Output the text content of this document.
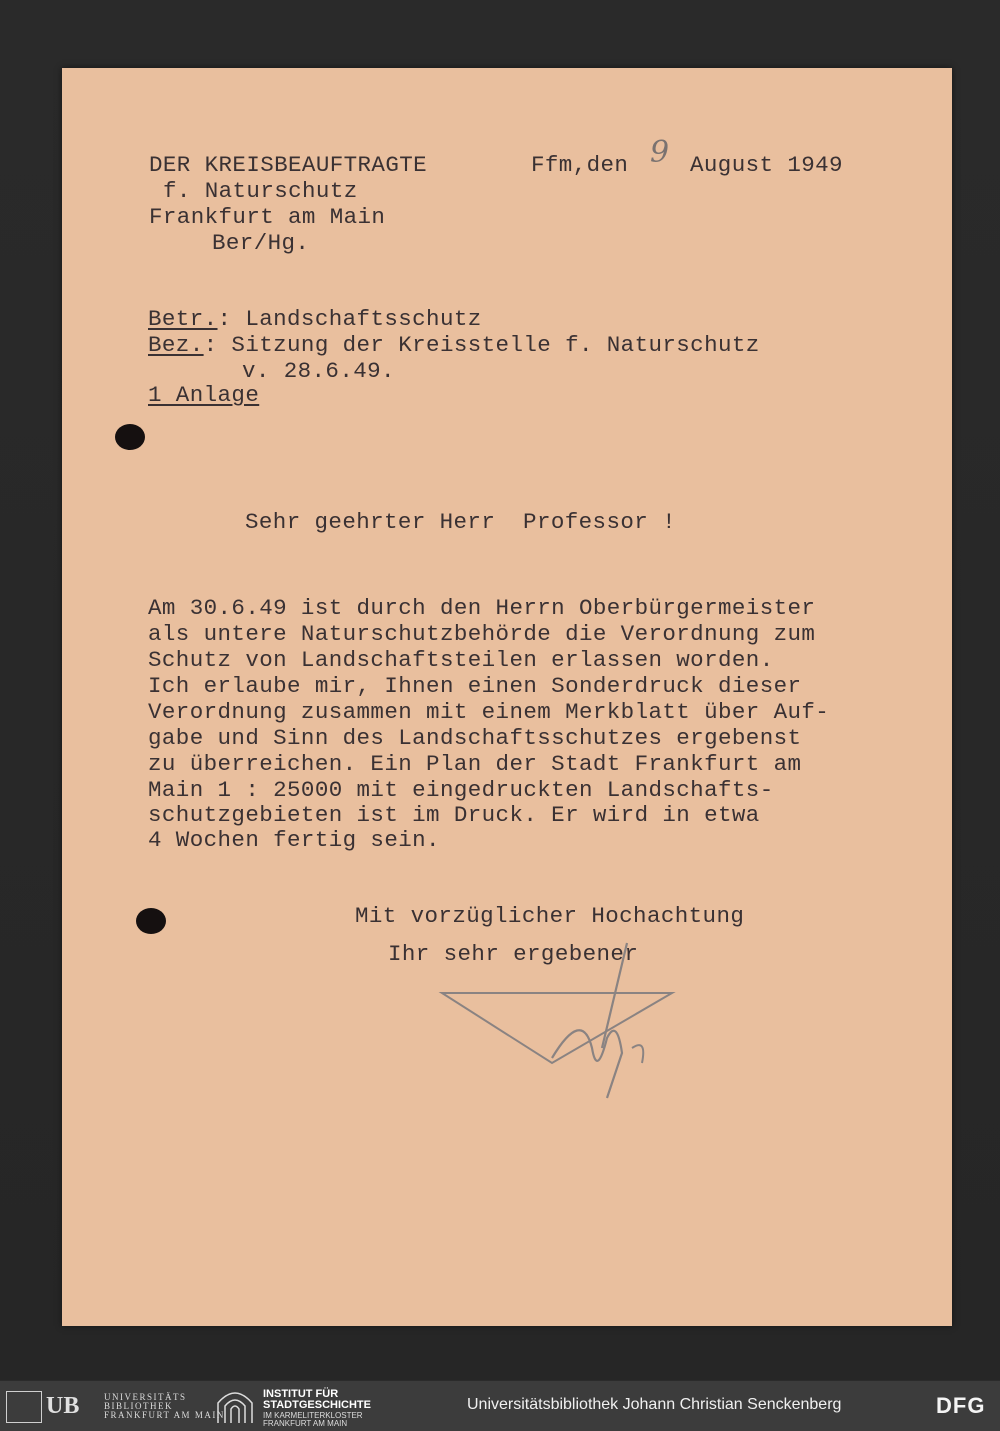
DER KREISBEAUFTRAGTE
f. Naturschutz
Frankfurt am Main
Ber/Hg.
Ffm,den 9 August 1949
Betr.: Landschaftsschutz
Bez.: Sitzung der Kreisstelle f. Naturschutz
v. 28.6.49.
1 Anlage
Sehr geehrter Herr  Professor !
Am 30.6.49 ist durch den Herrn Oberbürgermeister
als untere Naturschutzbehörde die Verordnung zum
Schutz von Landschaftsteilen erlassen worden.
Ich erlaube mir, Ihnen einen Sonderdruck dieser
Verordnung zusammen mit einem Merkblatt über Auf-
gabe und Sinn des Landschaftsschutzes ergebenst
zu überreichen. Ein Plan der Stadt Frankfurt am
Main 1 : 25000 mit eingedruckten Landschafts-
schutzgebieten ist im Druck. Er wird in etwa
4 Wochen fertig sein.
Mit vorzüglicher Hochachtung
Ihr sehr ergebener
UB	UNIVERSITÄTS
BIBLIOTHEK
FRANKFURT AM MAIN
INSTITUT FÜR
STADTGESCHICHTE
IM KARMELITERKLOSTER
FRANKFURT AM MAIN
Universitätsbibliothek Johann Christian Senckenberg	DFG
